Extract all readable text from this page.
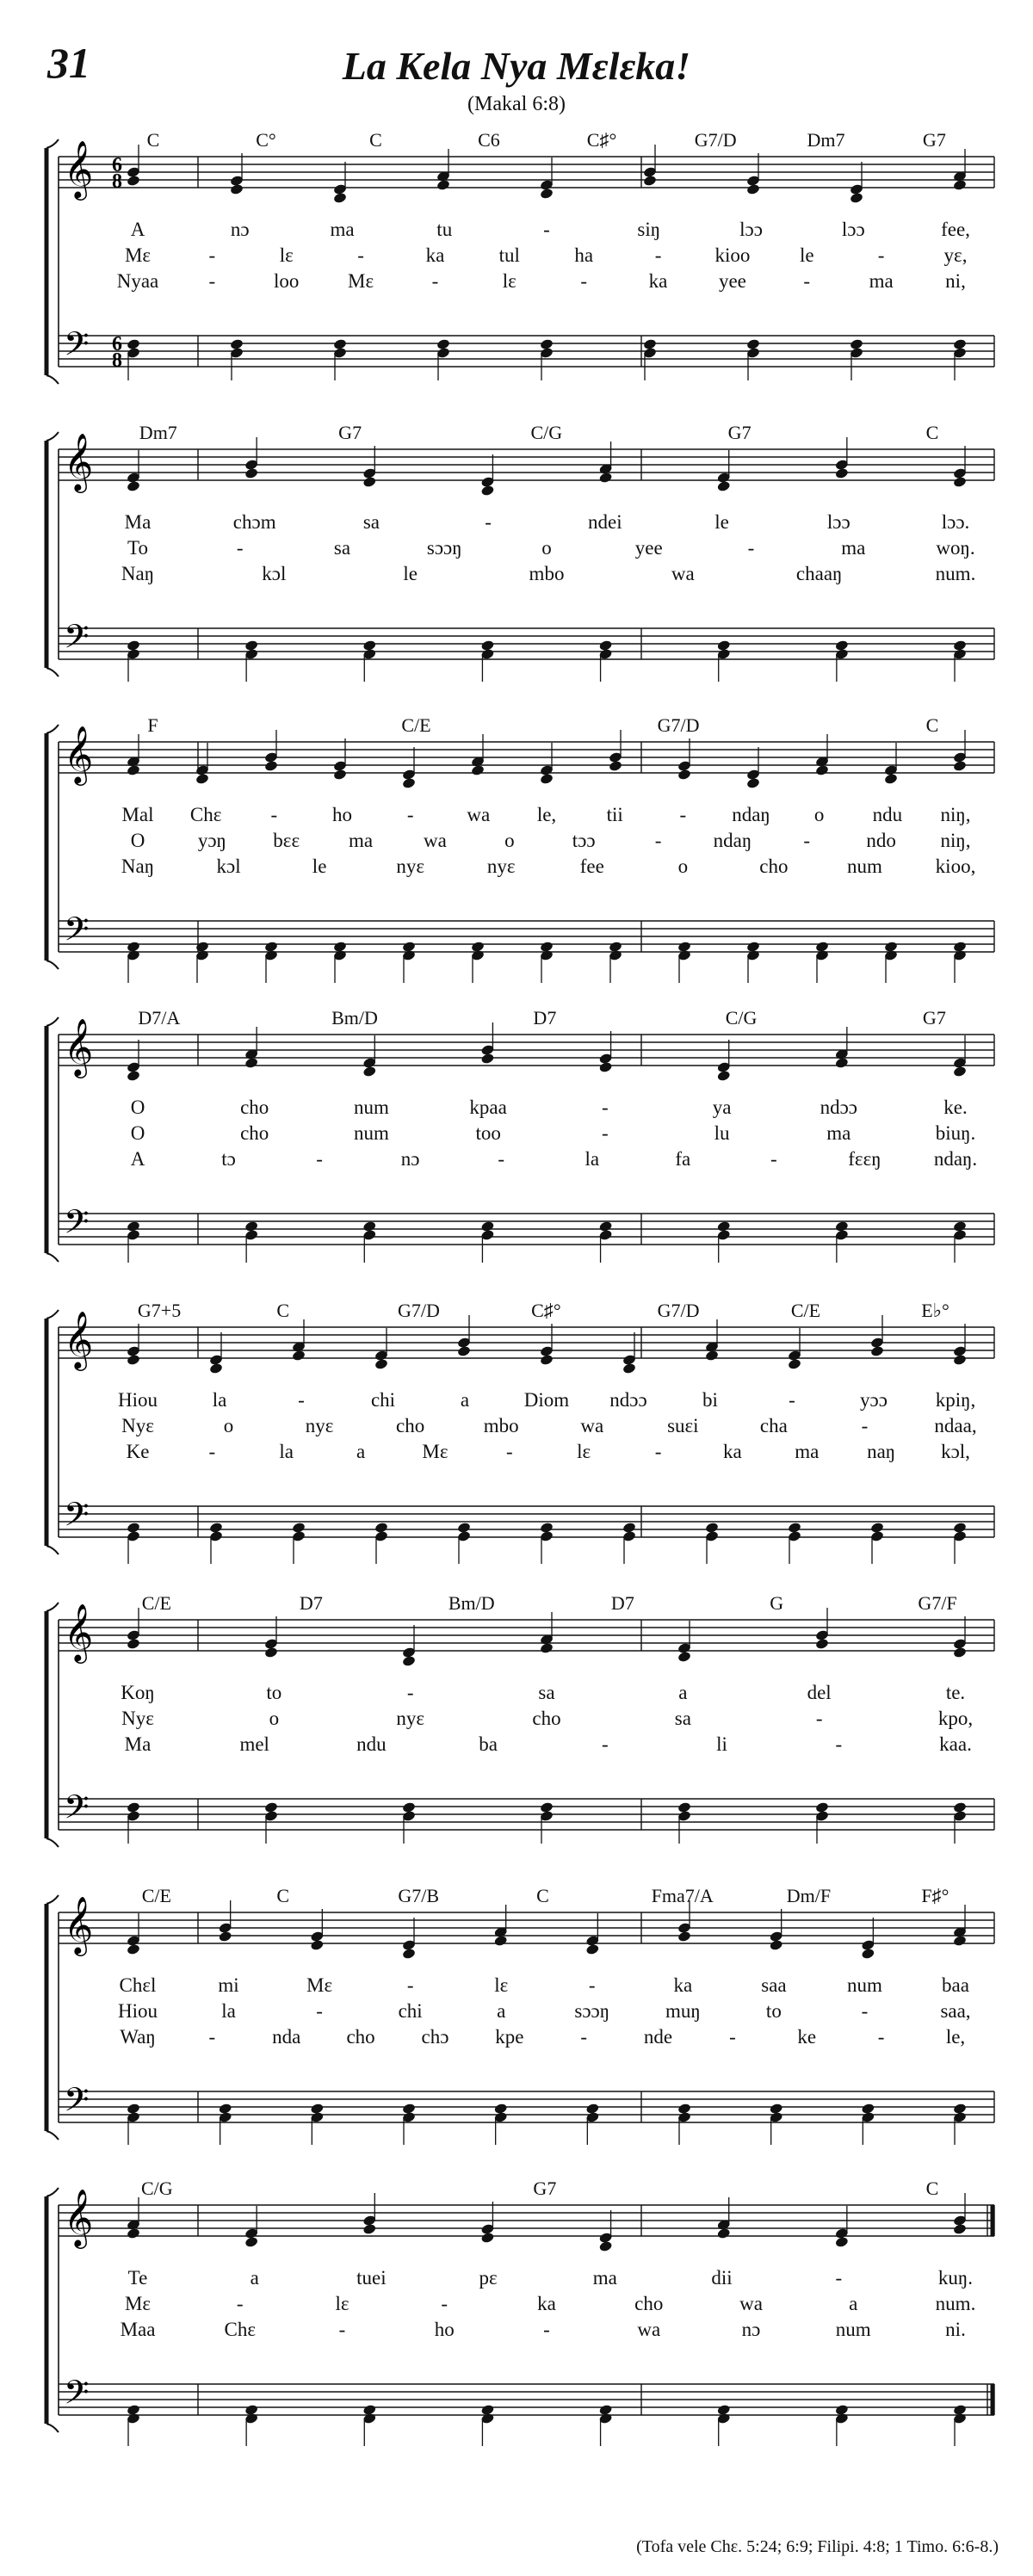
31	La Kela Nya Mɛlɛka!
(Makal 6:8)
𝄞
𝄢
6
8
6
8
C	C°	C	C6	C♯°	G7/D	Dm7	G7
A	nɔ	ma	tu	-	siŋ	lɔɔ	lɔɔ	fee,
Mɛ	-	lɛ	-	ka	tul	ha	-	kioo	le	-	yɛ,
Nyaa	-	loo Mɛ	-	lɛ	-	ka	yee	-	ma	ni,
𝄞
𝄢
Dm7	G7	C/G	G7	C
Ma	chɔm	sa	-	ndei	le	lɔɔ	lɔɔ.
To	-	sa	sɔɔŋ	o	yee	-	ma	woŋ.
Naŋ	kɔl	le	mbo	wa	chaaŋ	num.
𝄞
𝄢
F	C/E	G7/D	C
Mal Chɛ -	ho	-	wa le,	tii	- ndaŋ o ndu niŋ,
O	yɔŋ bɛɛ ma	wa	o	tɔɔ	-	ndaŋ	-	ndo niŋ,
Naŋ	kɔl	le	nyɛ	nyɛ	fee	o	cho	num	kioo,
𝄞
𝄢
D7/A	Bm/D	D7	C/G	G7
O	cho	num	kpaa	-	ya	ndɔɔ	ke.
O	cho	num	too	-	lu	ma	biuŋ.
A	tɔ	-	nɔ	-	la	fa	-	fɛɛŋ	ndaŋ.
𝄞
𝄢
G7+5	C	G7/D	C♯°	G7/D	C/E	E♭°
Hiou	la	-	chi	a	Diom ndɔɔ	bi	-	yɔɔ kpiŋ,
Nyɛ	o	nyɛ	cho	mbo	wa	suɛi	cha	-	ndaa,
Ke	-	la	a	Mɛ	-	lɛ	-	ka	ma naŋ kɔl,
𝄞
𝄢
C/E	D7	Bm/D	D7	G	G7/F
Koŋ	to	-	sa	a	del	te.
Nyɛ	o	nyɛ	cho	sa	-	kpo,
Ma	mel	ndu	ba	-	li	-	kaa.
𝄞
𝄢
C/E	C	G7/B	C	Fma7/A	Dm/F	F♯°
Chɛl	mi	Mɛ	-	lɛ	-	ka	saa	num	baa
Hiou	la	-	chi	a	sɔɔŋ	muŋ	to	-	saa,
Waŋ	-	nda cho chɔ kpe	-	nde	-	ke	-	le,
𝄞
𝄢
C/G	G7	C
Te	a	tuei	pɛ	ma	dii	-	kuŋ.
Mɛ	-	lɛ	-	ka	cho	wa	a	num.
Maa	Chɛ	-	ho	-	wa	nɔ	num	ni.
(Tofa vele Chɛ. 5:24; 6:9; Filipi. 4:8; 1 Timo. 6:6-8.)
